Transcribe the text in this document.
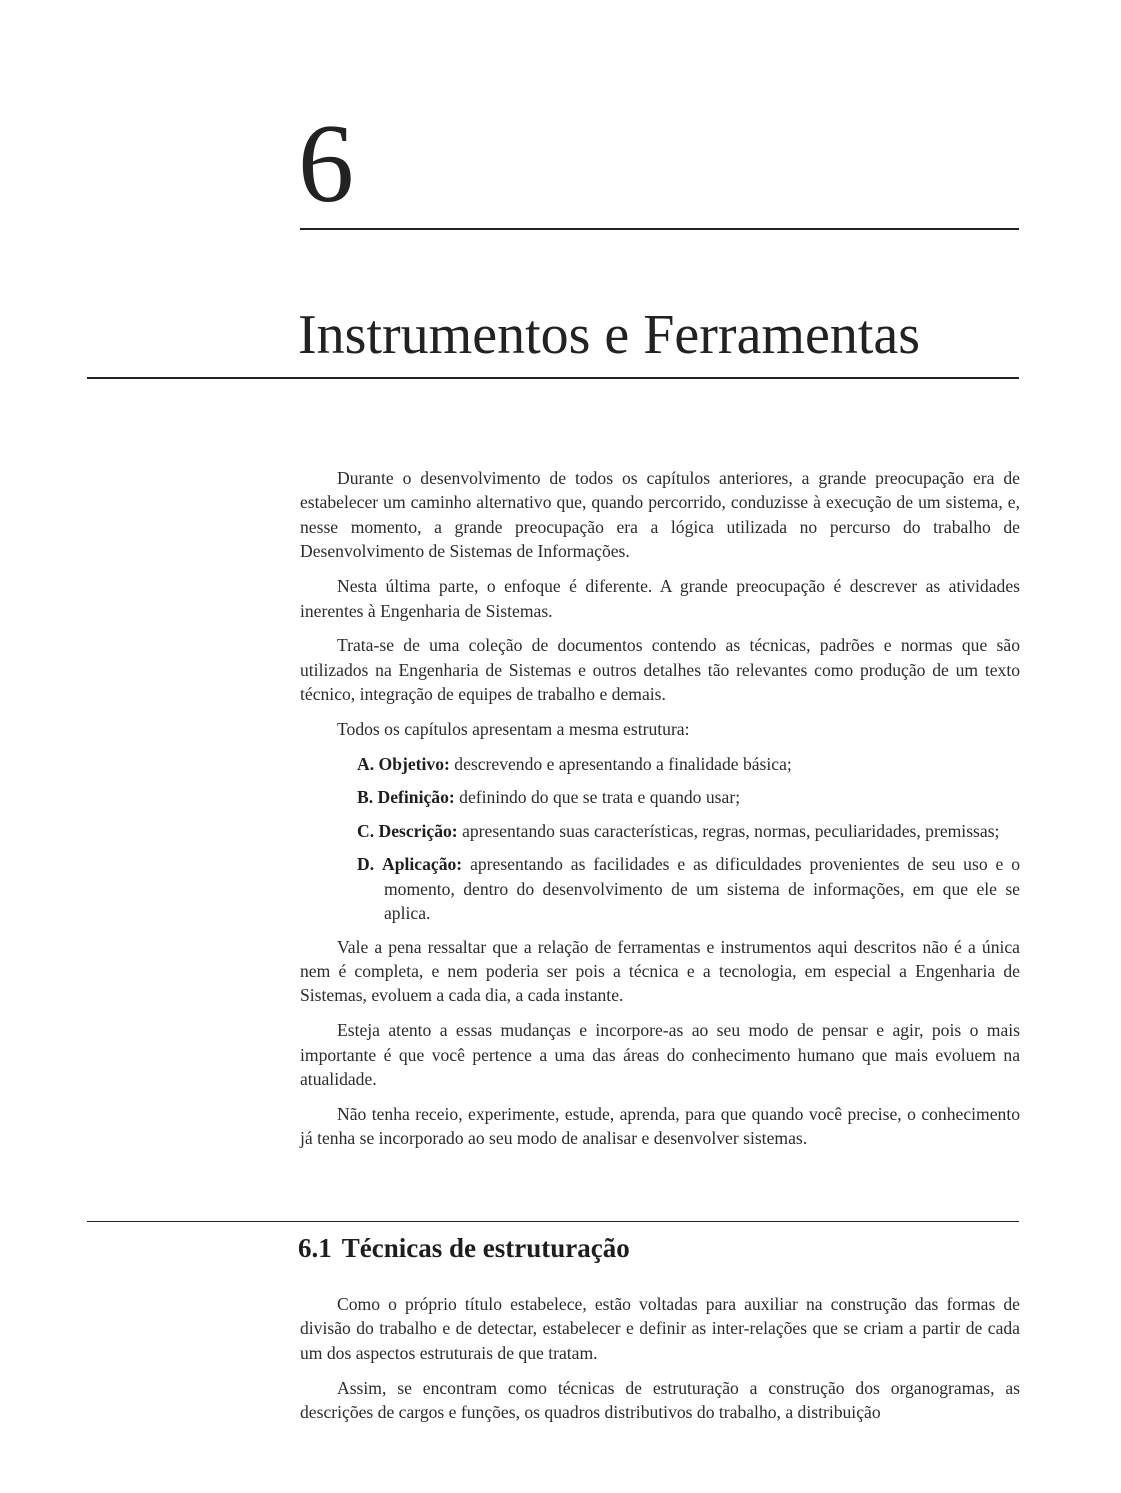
6
Instrumentos e Ferramentas

Durante o desenvolvimento de todos os capítulos anteriores, a grande preocupação era de estabelecer um caminho alternativo que, quando percorrido, conduzisse à execução de um sistema, e, nesse momento, a grande preocupação era a lógica utilizada no percurso do trabalho de Desenvolvimento de Sistemas de Informações.

Nesta última parte, o enfoque é diferente. A grande preocupação é descrever as atividades inerentes à Engenharia de Sistemas.

Trata-se de uma coleção de documentos contendo as técnicas, padrões e normas que são utilizados na Engenharia de Sistemas e outros detalhes tão relevantes como produção de um texto técnico, integração de equipes de trabalho e demais.

Todos os capítulos apresentam a mesma estrutura:

A. Objetivo: descrevendo e apresentando a finalidade básica;
B. Definição: definindo do que se trata e quando usar;
C. Descrição: apresentando suas características, regras, normas, peculiaridades, premissas;
D. Aplicação: apresentando as facilidades e as dificuldades provenientes de seu uso e o momento, dentro do desenvolvimento de um sistema de informações, em que ele se aplica.

Vale a pena ressaltar que a relação de ferramentas e instrumentos aqui descritos não é a única nem é completa, e nem poderia ser pois a técnica e a tecnologia, em especial a Engenharia de Sistemas, evoluem a cada dia, a cada instante.

Esteja atento a essas mudanças e incorpore-as ao seu modo de pensar e agir, pois o mais importante é que você pertence a uma das áreas do conhecimento humano que mais evoluem na atualidade.

Não tenha receio, experimente, estude, aprenda, para que quando você precise, o conhecimento já tenha se incorporado ao seu modo de analisar e desenvolver sistemas.

6.1 Técnicas de estruturação

Como o próprio título estabelece, estão voltadas para auxiliar na construção das formas de divisão do trabalho e de detectar, estabelecer e definir as inter-relações que se criam a partir de cada um dos aspectos estruturais de que tratam.

Assim, se encontram como técnicas de estruturação a construção dos organogramas, as descrições de cargos e funções, os quadros distributivos do trabalho, a distribuição
